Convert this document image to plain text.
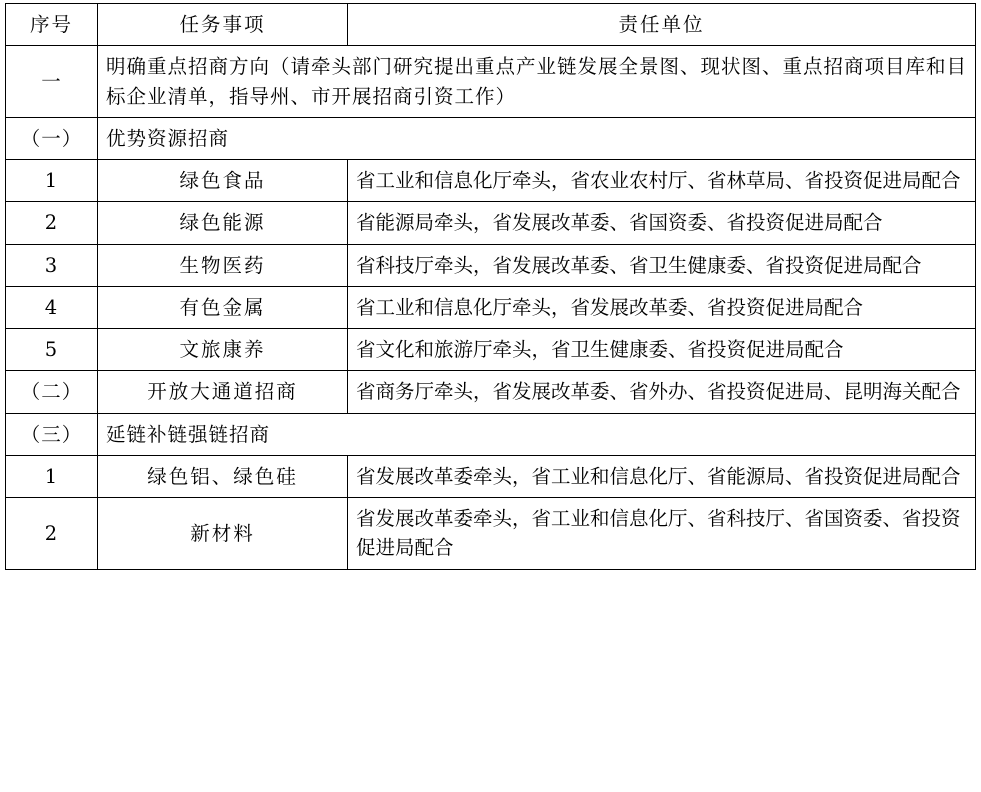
序号	任务事项	责任单位
一	明确重点招商方向（请牵头部门研究提出重点产业链发展全景图、现状图、重点招商项目库和目标企业清单，指导州、市开展招商引资工作）	
（一）	优势资源招商	
1	绿色食品	省工业和信息化厅牵头，省农业农村厅、省林草局、省投资促进局配合
2	绿色能源	省能源局牵头，省发展改革委、省国资委、省投资促进局配合
3	生物医药	省科技厅牵头，省发展改革委、省卫生健康委、省投资促进局配合
4	有色金属	省工业和信息化厅牵头，省发展改革委、省投资促进局配合
5	文旅康养	省文化和旅游厅牵头，省卫生健康委、省投资促进局配合
（二）	开放大通道招商	省商务厅牵头，省发展改革委、省外办、省投资促进局、昆明海关配合
（三）	延链补链强链招商	
1	绿色铝、绿色硅	省发展改革委牵头，省工业和信息化厅、省能源局、省投资促进局配合
2	新材料	省发展改革委牵头，省工业和信息化厅、省科技厅、省国资委、省投资促进局配合
